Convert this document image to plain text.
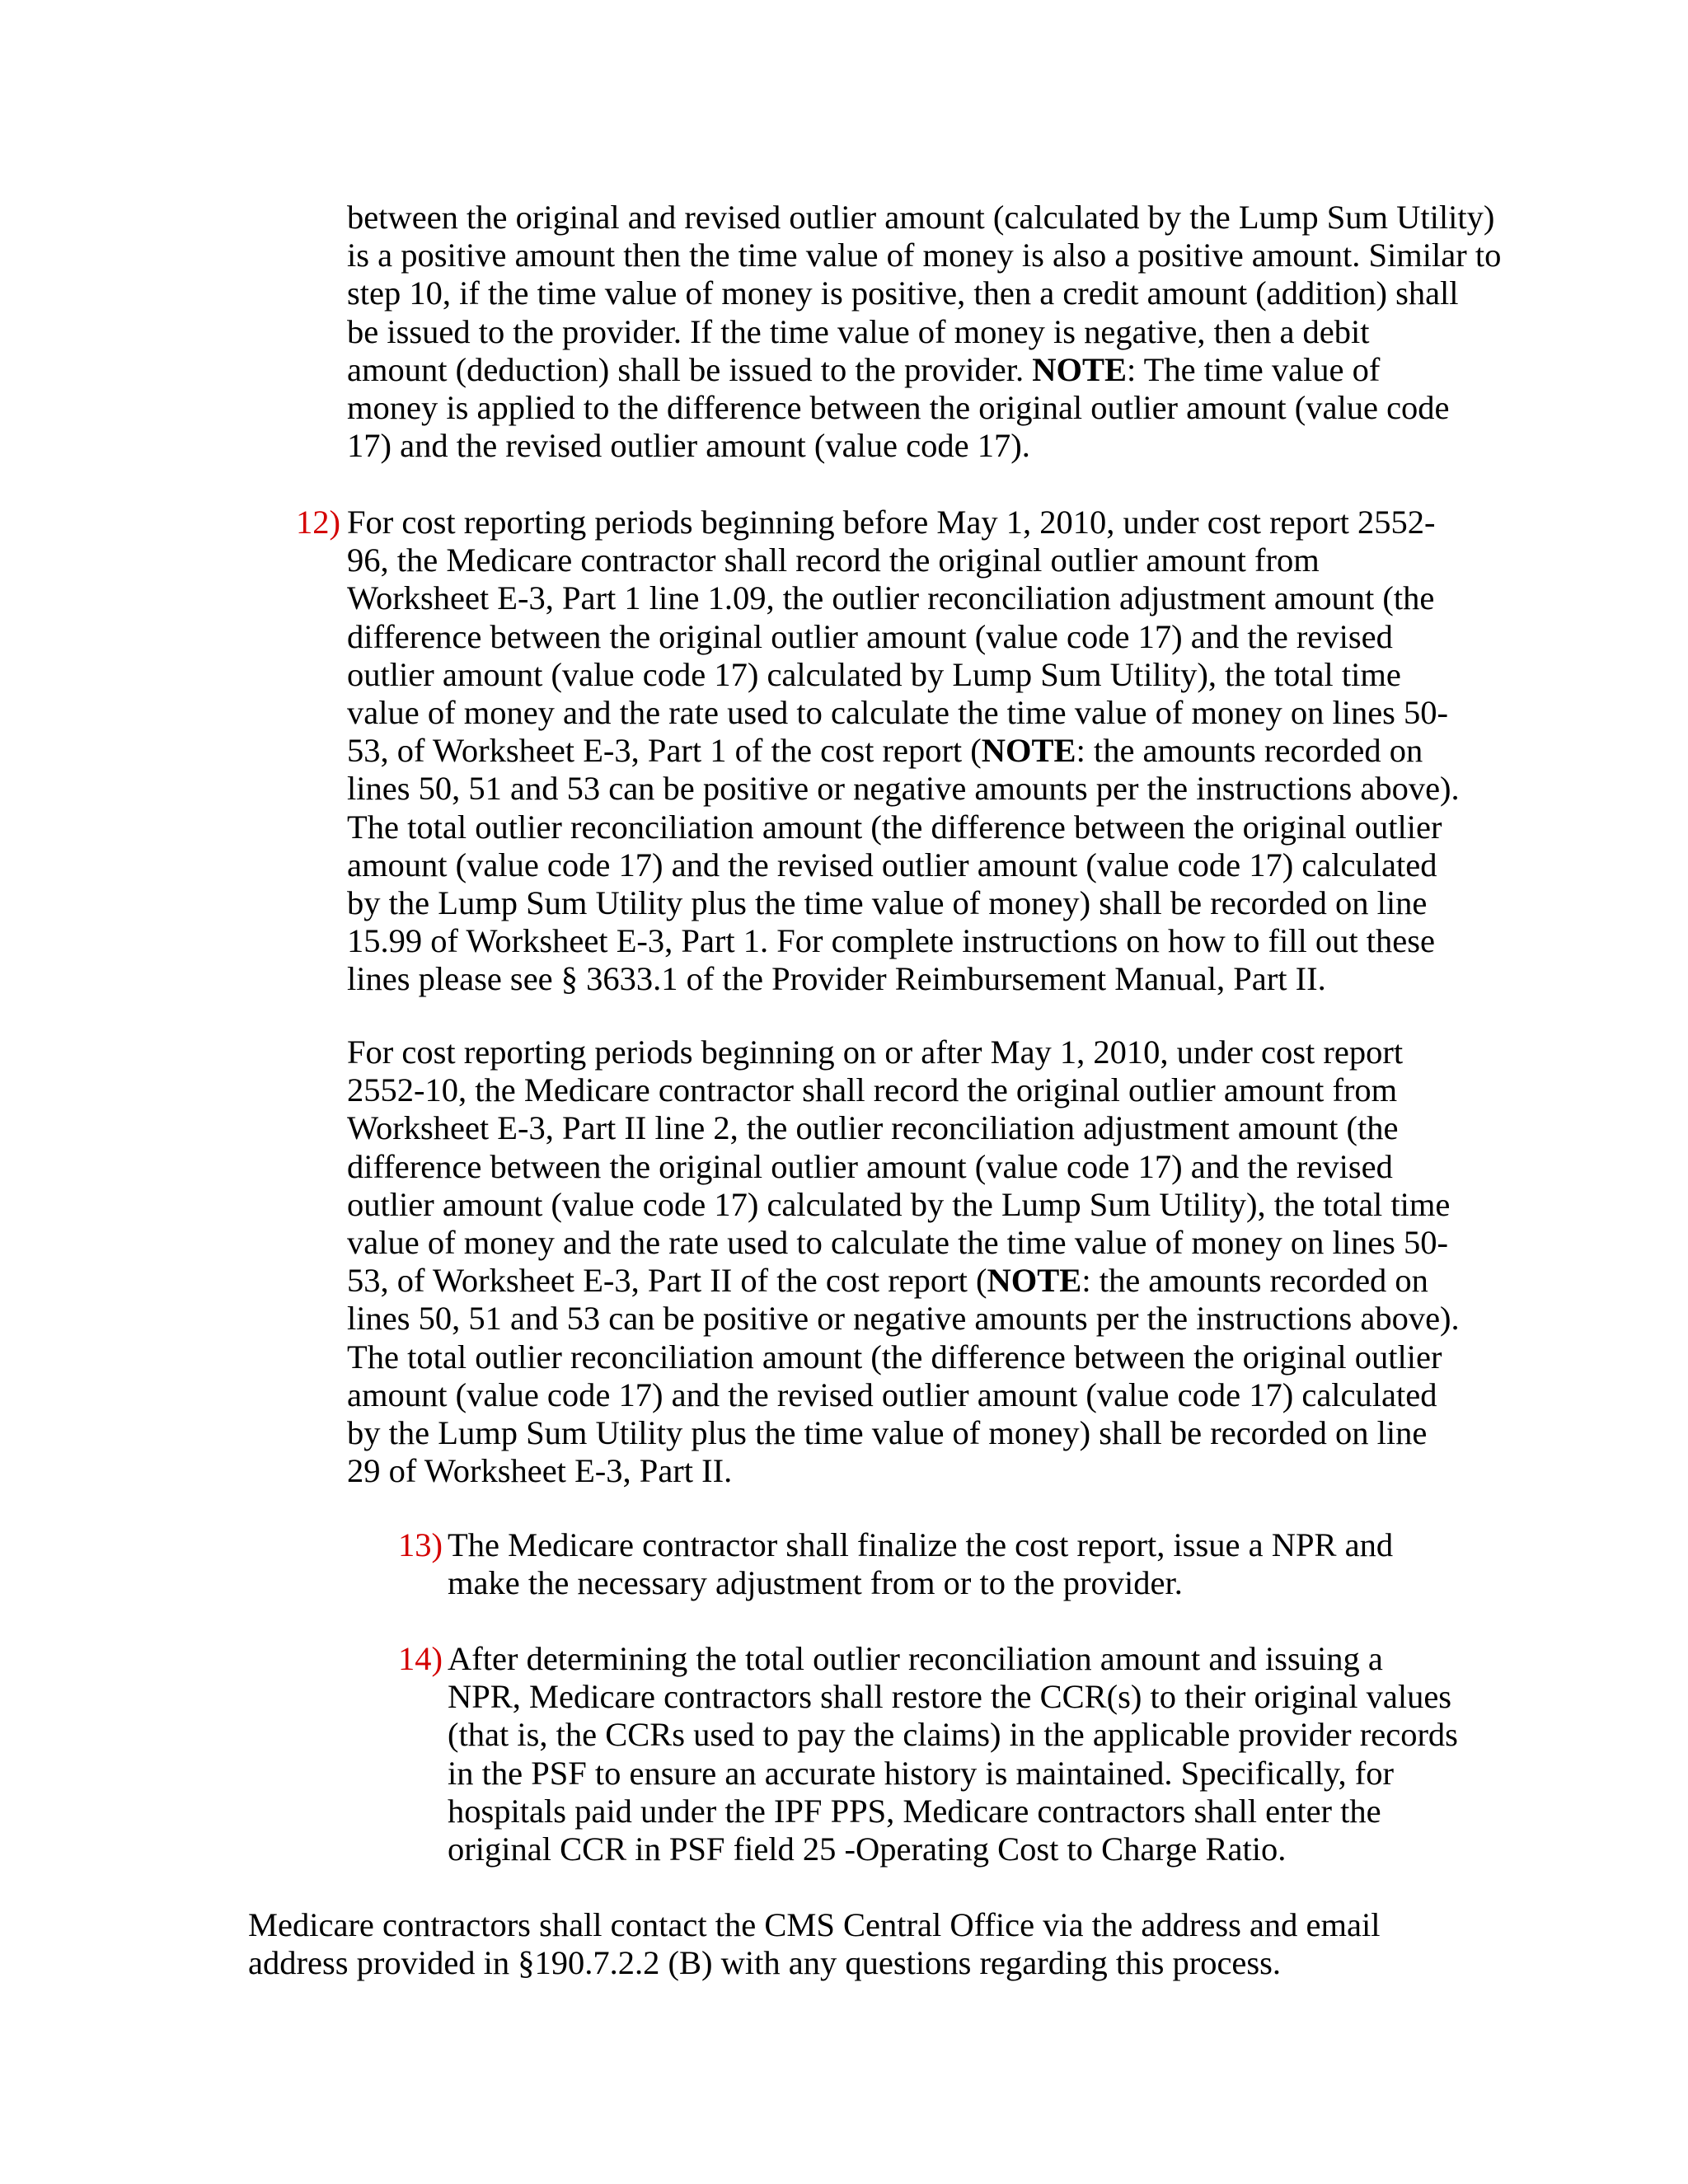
between the original and revised outlier amount (calculated by the Lump Sum Utility)
is a positive amount then the time value of money is also a positive amount. Similar to
step 10, if the time value of money is positive, then a credit amount (addition) shall
be issued to the provider. If the time value of money is negative, then a debit
amount (deduction) shall be issued to the provider. NOTE: The time value of
money is applied to the difference between the original outlier amount (value code
17) and the revised outlier amount (value code 17).
12) For cost reporting periods beginning before May 1, 2010, under cost report 2552-
96, the Medicare contractor shall record the original outlier amount from
Worksheet E-3, Part 1 line 1.09, the outlier reconciliation adjustment amount (the
difference between the original outlier amount (value code 17) and the revised
outlier amount (value code 17) calculated by Lump Sum Utility), the total time
value of money and the rate used to calculate the time value of money on lines 50-
53, of Worksheet E-3, Part 1 of the cost report (NOTE: the amounts recorded on
lines 50, 51 and 53 can be positive or negative amounts per the instructions above).
The total outlier reconciliation amount (the difference between the original outlier
amount (value code 17) and the revised outlier amount (value code 17) calculated
by the Lump Sum Utility plus the time value of money) shall be recorded on line
15.99 of Worksheet E-3, Part 1. For complete instructions on how to fill out these
lines please see § 3633.1 of the Provider Reimbursement Manual, Part II.
For cost reporting periods beginning on or after May 1, 2010, under cost report
2552-10, the Medicare contractor shall record the original outlier amount from
Worksheet E-3, Part II line 2, the outlier reconciliation adjustment amount (the
difference between the original outlier amount (value code 17) and the revised
outlier amount (value code 17) calculated by the Lump Sum Utility), the total time
value of money and the rate used to calculate the time value of money on lines 50-
53, of Worksheet E-3, Part II of the cost report (NOTE: the amounts recorded on
lines 50, 51 and 53 can be positive or negative amounts per the instructions above).
The total outlier reconciliation amount (the difference between the original outlier
amount (value code 17) and the revised outlier amount (value code 17) calculated
by the Lump Sum Utility plus the time value of money) shall be recorded on line
29 of Worksheet E-3, Part II.
13) The Medicare contractor shall finalize the cost report, issue a NPR and
make the necessary adjustment from or to the provider.
14) After determining the total outlier reconciliation amount and issuing a
NPR, Medicare contractors shall restore the CCR(s) to their original values
(that is, the CCRs used to pay the claims) in the applicable provider records
in the PSF to ensure an accurate history is maintained. Specifically, for
hospitals paid under the IPF PPS, Medicare contractors shall enter the
original CCR in PSF field 25 -Operating Cost to Charge Ratio.
Medicare contractors shall contact the CMS Central Office via the address and email
address provided in §190.7.2.2 (B) with any questions regarding this process.
